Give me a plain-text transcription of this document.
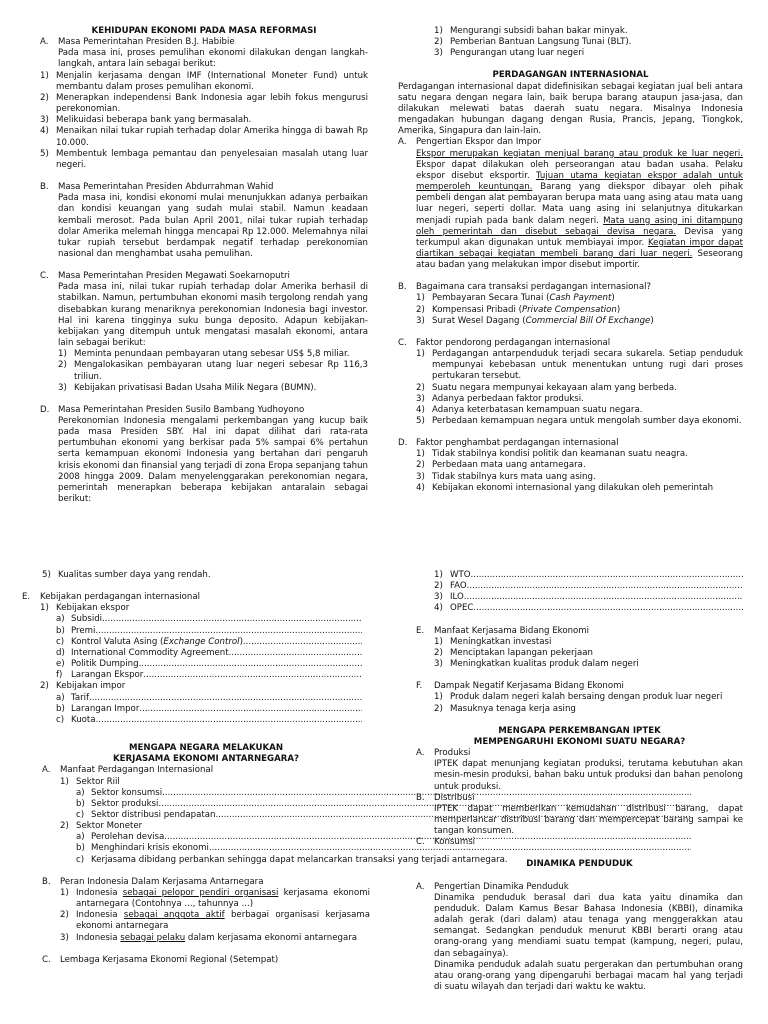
KEHIDUPAN EKONOMI PADA MASA REFORMASI
A.	Masa Pemerintahan Presiden B.J. Habibie
Pada masa ini, proses pemulihan ekonomi dilakukan dengan langkah-langkah, antara lain sebagai berikut:
1) Menjalin kerjasama dengan IMF (International Moneter Fund) untuk membantu dalam proses pemulihan ekonomi.
2) Menerapkan independensi Bank Indonesia agar lebih fokus mengurusi perekonomian.
3) Melikuidasi beberapa bank yang bermasalah.
4) Menaikan nilai tukar rupiah terhadap dolar Amerika hingga di bawah Rp 10.000.
5) Membentuk lembaga pemantau dan penyelesaian masalah utang luar negeri.
B.	Masa Pemerintahan Presiden Abdurrahman Wahid
Pada masa ini, kondisi ekonomi mulai menunjukkan adanya perbaikan dan kondisi keuangan yang sudah mulai stabil. Namun keadaan kembali merosot. Pada bulan April 2001, nilai tukar rupiah terhadap dolar Amerika melemah hingga mencapai Rp 12.000. Melemahnya nilai tukar rupiah tersebut berdampak negatif terhadap perekonomian nasional dan menghambat usaha pemulihan.
C.	Masa Pemerintahan Presiden Megawati Soekarnoputri
Pada masa ini, nilai tukar rupiah terhadap dolar Amerika berhasil di stabilkan. Namun, pertumbuhan ekonomi masih tergolong rendah yang disebabkan kurang menariknya perekonomian Indonesia bagi investor. Hal ini karena tingginya suku bunga deposito. Adapun kebijakan-kebijakan yang ditempuh untuk mengatasi masalah ekonomi, antara lain sebagai berikut:
1) Meminta penundaan pembayaran utang sebesar US$ 5,8 miliar.
2) Mengalokasikan pembayaran utang luar negeri sebesar Rp 116,3 triliun.
3) Kebijakan privatisasi Badan Usaha Milik Negara (BUMN).
D.	Masa Pemerintahan Presiden Susilo Bambang Yudhoyono
Perekonomian Indonesia mengalami perkembangan yang kucup baik pada masa Presiden SBY. Hal ini dapat dilihat dari rata-rata pertumbuhan ekonomi yang berkisar pada 5% sampai 6% pertahun serta kemampuan ekonomi Indonesia yang bertahan dari pengaruh krisis ekonomi dan finansial yang terjadi di zona Eropa sepanjang tahun 2008 hingga 2009. Dalam menyelenggarakan perekonomian negara, pemerintah menerapkan beberapa kebijakan antaralain sebagai berikut:
1) Mengurangi subsidi bahan bakar minyak.
2) Pemberian Bantuan Langsung Tunai (BLT).
3) Pengurangan utang luar negeri
PERDAGANGAN INTERNASIONAL
Perdagangan internasional dapat didefinisikan sebagai kegiatan jual beli antara satu negara dengan negara lain, baik berupa barang ataupun jasa-jasa, dan dilakukan melewati batas daerah suatu negara. Misalnya Indonesia mengadakan hubungan dagang dengan Rusia, Prancis, Jepang, Tiongkok, Amerika, Singapura dan lain-lain.
A.	Pengertian Ekspor dan Impor
Ekspor merupakan kegiatan menjual barang atau produk ke luar negeri. Ekspor dapat dilakukan oleh perseorangan atau badan usaha. Pelaku ekspor disebut eksportir. Tujuan utama kegiatan ekspor adalah untuk memperoleh keuntungan. Barang yang diekspor dibayar oleh pihak pembeli dengan alat pembayaran berupa mata uang asing atau mata uang luar negeri, seperti dollar. Mata uang asing ini selanjutnya ditukarkan menjadi rupiah pada bank dalam negeri. Mata uang asing ini ditampung oleh pemerintah dan disebut sebagai devisa negara. Devisa yang terkumpul akan digunakan untuk membiayai impor. Kegiatan impor dapat diartikan sebagai kegiatan membeli barang dari luar negeri. Seseorang atau badan yang melakukan impor disebut importir.
B.	Bagaimana cara transaksi perdagangan internasional?
1) Pembayaran Secara Tunai (Cash Payment)
2) Kompensasi Pribadi (Private Compensation)
3) Surat Wesel Dagang (Commercial Bill Of Exchange)
C.	Faktor pendorong perdagangan internasional
1) Perdagangan antarpenduduk terjadi secara sukarela. Setiap penduduk mempunyai kebebasan untuk menentukan untung rugi dari proses pertukaran tersebut.
2) Suatu negara mempunyai kekayaan alam yang berbeda.
3) Adanya perbedaan faktor produksi.
4) Adanya keterbatasan kemampuan suatu negara.
5) Perbedaan kemampuan negara untuk mengolah sumber daya ekonomi.
D.	Faktor penghambat perdagangan internasional
1) Tidak stabilnya kondisi politik dan keamanan suatu neagra.
2) Perbedaan mata uang antarnegara.
3) Tidak stabilnya kurs mata uang asing.
4) Kebijakan ekonomi internasional yang dilakukan oleh pemerintah
5) Kualitas sumber daya yang rendah.
E.	Kebijakan perdagangan internasional
1) Kebijakan ekspor
a) Subsidi
.....
b) Premi
.....
c) Kontrol Valuta Asing ( Exchange Control )
.....
d) International Commodity Agreement
.....
e) Politik Dumping
.....
f)	Larangan Ekspor
.....
2) Kebijakan impor
a) Tarif
.....
b) Larangan Impor
.....
c) Kuota
.....
MENGAPA NEGARA MELAKUKAN
KERJASAMA EKONOMI ANTARNEGARA?
A.	Manfaat Perdagangan Internasional
1) Sektor Riil
a) Sektor konsumsi
.....
b) Sektor produksi
.....
c) Sektor distribusi pendapatan
.....
2) Sektor Moneter
a) Perolehan devisa
.....
b) Menghindari krisis ekonomi
.....
c) Kerjasama dibidang perbankan sehingga dapat melancarkan transaksi yang terjadi antarnegara.
B.	Peran Indonesia Dalam Kerjasama Antarnegara
1) Indonesia sebagai pelopor pendiri organisasi kerjasama ekonomi antarnegara (Contohnya ..., tahunnya ...)
2) Indonesia sebagai anggota aktif berbagai organisasi kerjasama ekonomi antarnegara
3) Indonesia sebagai pelaku dalam kerjasama ekonomi antarnegara
C.	Lembaga Kerjasama Ekonomi Regional (Setempat)
1) WTO
.....
2) FAO
.....
3) ILO
.....
4) OPEC
.....
E.	Manfaat Kerjasama Bidang Ekonomi
1) Meningkatkan investasi
2) Menciptakan lapangan pekerjaan
3) Meningkatkan kualitas produk dalam negeri
F.	Dampak Negatif Kerjasama Bidang Ekonomi
1) Produk dalam negeri kalah bersaing dengan produk luar negeri
2) Masuknya tenaga kerja asing
MENGAPA PERKEMBANGAN IPTEK
MEMPENGARUHI EKONOMI SUATU NEGARA?
A.	Produksi
IPTEK dapat menunjang kegiatan produksi, terutama kebutuhan akan mesin-mesin produksi, bahan baku untuk produksi dan bahan penolong untuk produksi.
B.	Distribusi
IPTEK dapat memberikan kemudahan distribusi barang, dapat memperlancar distribusi barang dan mempercepat barang sampai ke tangan konsumen.
C.	Konsumsi
DINAMIKA PENDUDUK
A.	Pengertian Dinamika Penduduk
Dinamika penduduk berasal dari dua kata yaitu dinamika dan penduduk. Dalam Kamus Besar Bahasa Indonesia (KBBI), dinamika adalah gerak (dari dalam) atau tenaga yang menggerakkan atau semangat. Sedangkan penduduk menurut KBBI berarti orang atau orang-orang yang mendiami suatu tempat (kampung, negeri, pulau, dan sebagainya).
Dinamika penduduk adalah suatu pergerakan dan pertumbuhan orang atau orang-orang yang dipengaruhi berbagai macam hal yang terjadi di suatu wilayah dan terjadi dari waktu ke waktu.
